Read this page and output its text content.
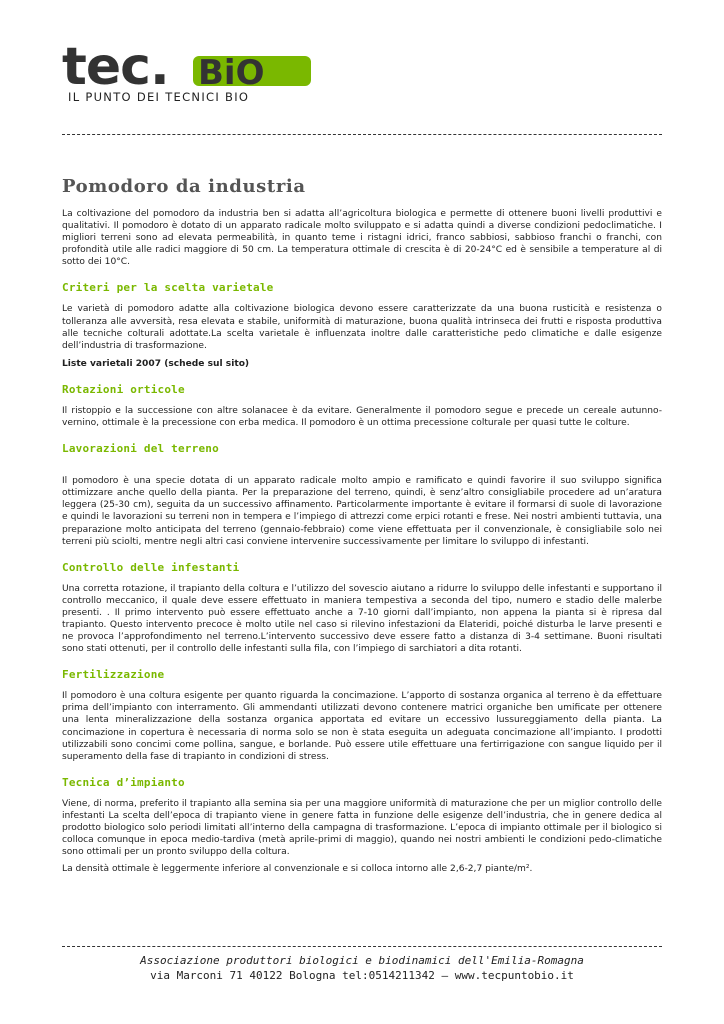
tec. BiO
IL PUNTO DEI TECNICI BIO
Pomodoro da industria

La coltivazione del pomodoro da industria ben si adatta all’agricoltura biologica e permette di ottenere buoni livelli produttivi e qualitativi. Il pomodoro è dotato di un apparato radicale molto sviluppato e si adatta quindi a diverse condizioni pedoclimatiche. I migliori terreni sono ad elevata permeabilità, in quanto teme i ristagni idrici, franco sabbiosi, sabbioso franchi o franchi, con profondità utile alle radici maggiore di 50 cm. La temperatura ottimale di crescita è di 20-24°C ed è sensibile a temperature al di sotto dei 10°C.

Criteri per la scelta varietale

Le varietà di pomodoro adatte alla coltivazione biologica devono essere caratterizzate da una buona rusticità e resistenza o tolleranza alle avversità, resa elevata e stabile, uniformità di maturazione, buona qualità intrinseca dei frutti e risposta produttiva alle tecniche colturali adottate.La scelta varietale è influenzata inoltre dalle caratteristiche pedo climatiche e dalle esigenze dell’industria di trasformazione.

Liste varietali 2007 (schede sul sito)

Rotazioni orticole

Il ristoppio e la successione con altre solanacee è da evitare. Generalmente il pomodoro segue e precede un cereale autunno-vernino, ottimale è la precessione con erba medica. Il pomodoro è un ottima precessione colturale per quasi tutte le colture.

Lavorazioni del terreno

Il pomodoro è una specie dotata di un apparato radicale molto ampio e ramificato e quindi favorire il suo sviluppo significa ottimizzare anche quello della pianta. Per la preparazione del terreno, quindi, è senz’altro consigliabile procedere ad un’aratura leggera (25-30 cm), seguita da un successivo affinamento. Particolarmente importante è evitare il formarsi di suole di lavorazione e quindi le lavorazioni su terreni non in tempera e l’impiego di attrezzi come erpici rotanti e frese. Nei nostri ambienti tuttavia, una preparazione molto anticipata del terreno (gennaio-febbraio) come viene effettuata per il convenzionale, è consigliabile solo nei terreni più sciolti, mentre negli altri casi conviene intervenire successivamente per limitare lo sviluppo di infestanti.

Controllo delle infestanti

Una corretta rotazione, il trapianto della coltura e l’utilizzo del sovescio aiutano a ridurre lo sviluppo delle infestanti e supportano il controllo meccanico, il quale deve essere effettuato in maniera tempestiva a seconda del tipo, numero e stadio delle malerbe presenti. . Il primo intervento può essere effettuato anche a 7-10 giorni dall’impianto, non appena la pianta si è ripresa dal trapianto. Questo intervento precoce è molto utile nel caso si rilevino infestazioni da Elateridi, poiché disturba le larve presenti e ne provoca l’approfondimento nel terreno.L’intervento successivo deve essere fatto a distanza di 3-4 settimane. Buoni risultati sono stati ottenuti, per il controllo delle infestanti sulla fila, con l’impiego di sarchiatori a dita rotanti.

Fertilizzazione

Il pomodoro è una coltura esigente per quanto riguarda la concimazione. L’apporto di sostanza organica al terreno è da effettuare prima dell’impianto con interramento. Gli ammendanti utilizzati devono contenere matrici organiche ben umificate per ottenere una lenta mineralizzazione della sostanza organica apportata ed evitare un eccessivo lussureggiamento della pianta. La concimazione in copertura è necessaria di norma solo se non è stata eseguita un adeguata concimazione all’impianto. I prodotti utilizzabili sono concimi come pollina, sangue, e borlande. Può essere utile effettuare una fertirrigazione con sangue liquido per il superamento della fase di trapianto in condizioni di stress.

Tecnica d’impianto

Viene, di norma, preferito il trapianto alla semina sia per una maggiore uniformità di maturazione che per un miglior controllo delle infestanti La scelta dell’epoca di trapianto viene in genere fatta in funzione delle esigenze dell’industria, che in genere dedica al prodotto biologico solo periodi limitati all’interno della campagna di trasformazione. L’epoca di impianto ottimale per il biologico si colloca comunque in epoca medio-tardiva (metà aprile-primi di maggio), quando nei nostri ambienti le condizioni pedo-climatiche sono ottimali per un pronto sviluppo della coltura.

La densità ottimale è leggermente inferiore al convenzionale e si colloca intorno alle 2,6-2,7 piante/m².

Associazione produttori biologici e biodinamici dell'Emilia-Romagna
via Marconi 71 40122 Bologna tel:0514211342 – www.tecpuntobio.it
